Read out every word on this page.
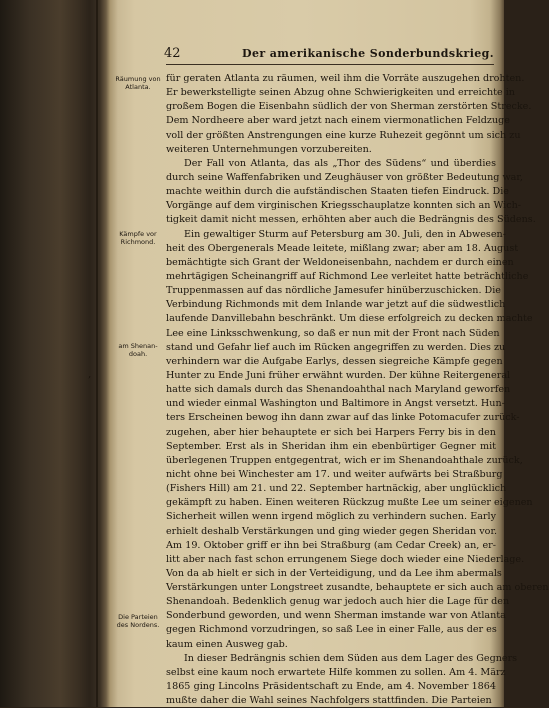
‚
42	Der amerikanische Sonderbundskrieg.
Räumung von
Atlanta.
Kämpfe vor
Richmond.
am Shenan-
doah.
Die Parteien
des Nordens.
für geraten Atlanta zu räumen, weil ihm die Vorräte auszugehen drohten.
Er bewerkstelligte seinen Abzug ohne Schwierigkeiten und erreichte in
großem Bogen die Eisenbahn südlich der von Sherman zerstörten Strecke.
Dem Nordheere aber ward jetzt nach einem viermonatlichen Feldzuge
voll der größten Anstrengungen eine kurze Ruhezeit gegönnt um sich zu
weiteren Unternehmungen vorzubereiten.
Der Fall von Atlanta, das als „Thor des Südens“ und überdies
durch seine Waffenfabriken und Zeughäuser von größter Bedeutung war,
machte weithin durch die aufständischen Staaten tiefen Eindruck. Die
Vorgänge auf dem virginischen Kriegsschauplatze konnten sich an Wich-
tigkeit damit nicht messen, erhöhten aber auch die Bedrängnis des Südens.
Ein gewaltiger Sturm auf Petersburg am 30. Juli, den in Abwesen-
heit des Obergenerals Meade leitete, mißlang zwar; aber am 18. August
bemächtigte sich Grant der Weldoneisenbahn, nachdem er durch einen
mehrtägigen Scheinangriff auf Richmond Lee verleitet hatte beträchtliche
Truppenmassen auf das nördliche Jamesufer hinüberzuschicken. Die
Verbindung Richmonds mit dem Inlande war jetzt auf die südwestlich
laufende Danvillebahn beschränkt. Um diese erfolgreich zu decken machte
Lee eine Linksschwenkung, so daß er nun mit der Front nach Süden
stand und Gefahr lief auch im Rücken angegriffen zu werden. Dies zu
verhindern war die Aufgabe Earlys, dessen siegreiche Kämpfe gegen
Hunter zu Ende Juni früher erwähnt wurden. Der kühne Reitergeneral
hatte sich damals durch das Shenandoahthal nach Maryland geworfen
und wieder einmal Washington und Baltimore in Angst versetzt. Hun-
ters Erscheinen bewog ihn dann zwar auf das linke Potomacufer zurück-
zugehen, aber hier behauptete er sich bei Harpers Ferry bis in den
September. Erst als in Sheridan ihm ein ebenbürtiger Gegner mit
überlegenen Truppen entgegentrat, wich er im Shenandoahthale zurück,
nicht ohne bei Winchester am 17. und weiter aufwärts bei Straßburg
(Fishers Hill) am 21. und 22. September hartnäckig, aber unglücklich
gekämpft zu haben. Einen weiteren Rückzug mußte Lee um seiner eigenen
Sicherheit willen wenn irgend möglich zu verhindern suchen. Early
erhielt deshalb Verstärkungen und ging wieder gegen Sheridan vor.
Am 19. Oktober griff er ihn bei Straßburg (am Cedar Creek) an, er-
litt aber nach fast schon errungenem Siege doch wieder eine Niederlage.
Von da ab hielt er sich in der Verteidigung, und da Lee ihm abermals
Verstärkungen unter Longstreet zusandte, behauptete er sich auch am oberen
Shenandoah. Bedenklich genug war jedoch auch hier die Lage für den
Sonderbund geworden, und wenn Sherman imstande war von Atlanta
gegen Richmond vorzudringen, so saß Lee in einer Falle, aus der es
kaum einen Ausweg gab.
In dieser Bedrängnis schien dem Süden aus dem Lager des Gegners
selbst eine kaum noch erwartete Hilfe kommen zu sollen. Am 4. März
1865 ging Lincolns Präsidentschaft zu Ende, am 4. November 1864
mußte daher die Wahl seines Nachfolgers stattfinden. Die Parteien
